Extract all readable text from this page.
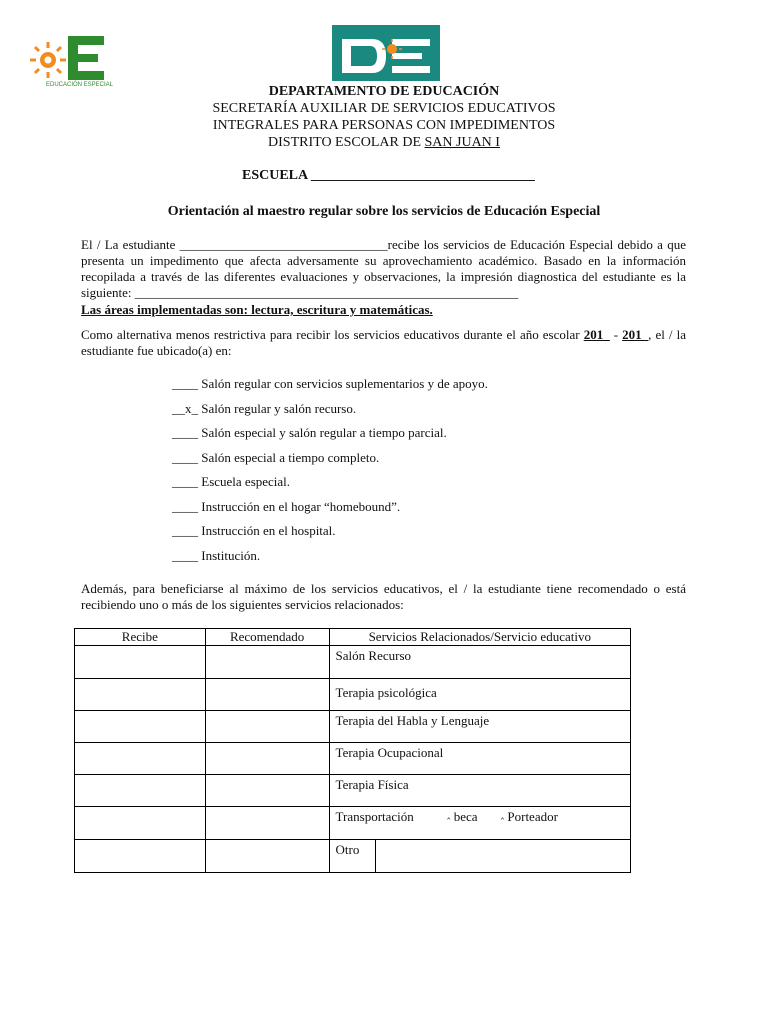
EDUCACIÓN ESPECIAL	DEPARTAMENTO DE EDUCACIÓN
SECRETARÍA AUXILIAR DE SERVICIOS EDUCATIVOS
INTEGRALES PARA PERSONAS CON IMPEDIMENTOS
DISTRITO ESCOLAR DE SAN JUAN I
ESCUELA ________________________________
Orientación al maestro regular sobre los servicios de Educación Especial
El / La estudiante ________________________________recibe los servicios de Educación Especial debido a que presenta un impedimento que afecta adversamente su aprovechamiento académico. Basado en la información recopilada a través de las diferentes evaluaciones y observaciones, la impresión diagnostica del estudiante es la siguiente: ___________________________________________________________
Las áreas implementadas son: lectura, escritura y matemáticas.
Como alternativa menos restrictiva para recibir los servicios educativos durante el año escolar 201_ - 201_, el / la estudiante fue ubicado(a) en:
____ Salón regular con servicios suplementarios y de apoyo.
__x_ Salón regular y salón recurso.
____ Salón especial y salón regular a tiempo parcial.
____ Salón especial a tiempo completo.
____ Escuela especial.
____ Instrucción en el hogar “homebound”.
____ Instrucción en el hospital.
____ Institución.
Además, para beneficiarse al máximo de los servicios educativos, el / la estudiante tiene recomendado o está recibiendo uno o más de los siguientes servicios relacionados:
Recibe	Recomendado	Servicios Relacionados/Servicio educativo
		Salón Recurso
		Terapia psicológica
		Terapia del Habla y Lenguaje
		Terapia Ocupacional
		Terapia Física
		Transportación ‸ beca ‸ Porteador

		Otro
